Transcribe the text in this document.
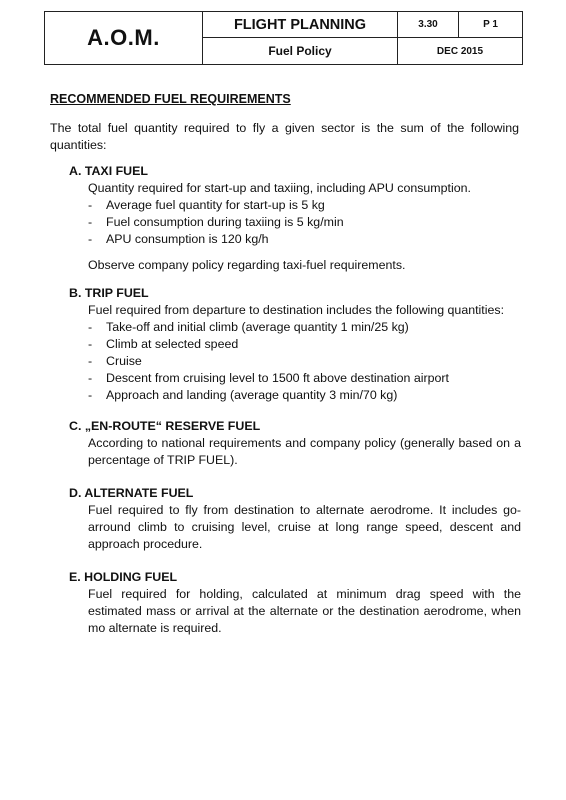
A.O.M.
FLIGHT PLANNING
Fuel Policy
3.30	P 1
DEC 2015
RECOMMENDED FUEL REQUIREMENTS
The total fuel quantity required to fly a given sector is the sum of the following quantities:
A. TAXI FUEL
Quantity required for start-up and taxiing, including APU consumption.
- Average fuel quantity for start-up is 5 kg
- Fuel consumption during taxiing is 5 kg/min
- APU consumption is 120 kg/h
Observe company policy regarding taxi-fuel requirements.
B. TRIP FUEL
Fuel required from departure to destination includes the following quantities:
- Take-off and initial climb (average quantity 1 min/25 kg)
- Climb at selected speed
- Cruise
- Descent from cruising level to 1500 ft above destination airport
- Approach and landing (average quantity 3 min/70 kg)
C. „EN-ROUTE“ RESERVE FUEL
According to national requirements and company policy (generally based on a percentage of TRIP FUEL).
D. ALTERNATE FUEL
Fuel required to fly from destination to alternate aerodrome. It includes go-arround climb to cruising level, cruise at long range speed, descent and approach procedure.
E. HOLDING FUEL
Fuel required for holding, calculated at minimum drag speed with the estimated mass or arrival at the alternate or the destination aerodrome, when mo alternate is required.
